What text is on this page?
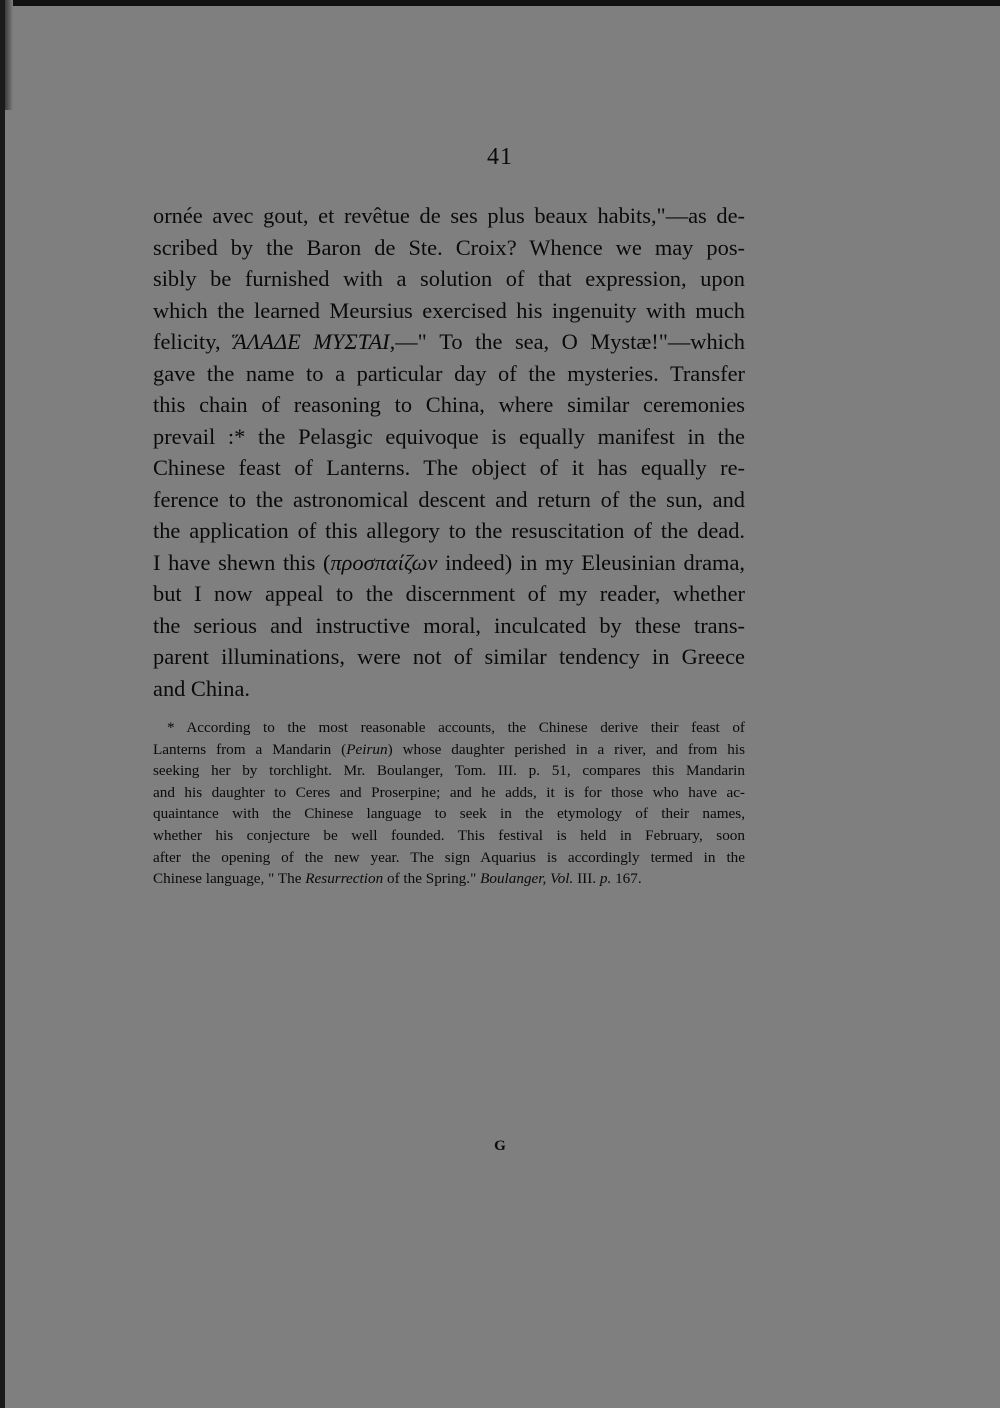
41
ornée avec gout, et revêtue de ses plus beaux habits,"—as de-
scribed by the Baron de Ste. Croix? Whence we may pos-
sibly be furnished with a solution of that expression, upon
which the learned Meursius exercised his ingenuity with much
felicity, ἍΛΑΔΕ ΜΥΣΤΑΙ,—" To the sea, O Mystæ!"—which
gave the name to a particular day of the mysteries. Transfer
this chain of reasoning to China, where similar ceremonies
prevail :* the Pelasgic equivoque is equally manifest in the
Chinese feast of Lanterns. The object of it has equally re-
ference to the astronomical descent and return of the sun, and
the application of this allegory to the resuscitation of the dead.
I have shewn this (προσπαίζων indeed) in my Eleusinian drama,
but I now appeal to the discernment of my reader, whether
the serious and instructive moral, inculcated by these trans-
parent illuminations, were not of similar tendency in Greece
and China.
* According to the most reasonable accounts, the Chinese derive their feast of
Lanterns from a Mandarin (Peirun) whose daughter perished in a river, and from his
seeking her by torchlight. Mr. Boulanger, Tom. III. p. 51, compares this Mandarin
and his daughter to Ceres and Proserpine; and he adds, it is for those who have ac-
quaintance with the Chinese language to seek in the etymology of their names,
whether his conjecture be well founded. This festival is held in February, soon
after the opening of the new year. The sign Aquarius is accordingly termed in the
Chinese language, " The Resurrection of the Spring." Boulanger, Vol. III. p. 167.
G
